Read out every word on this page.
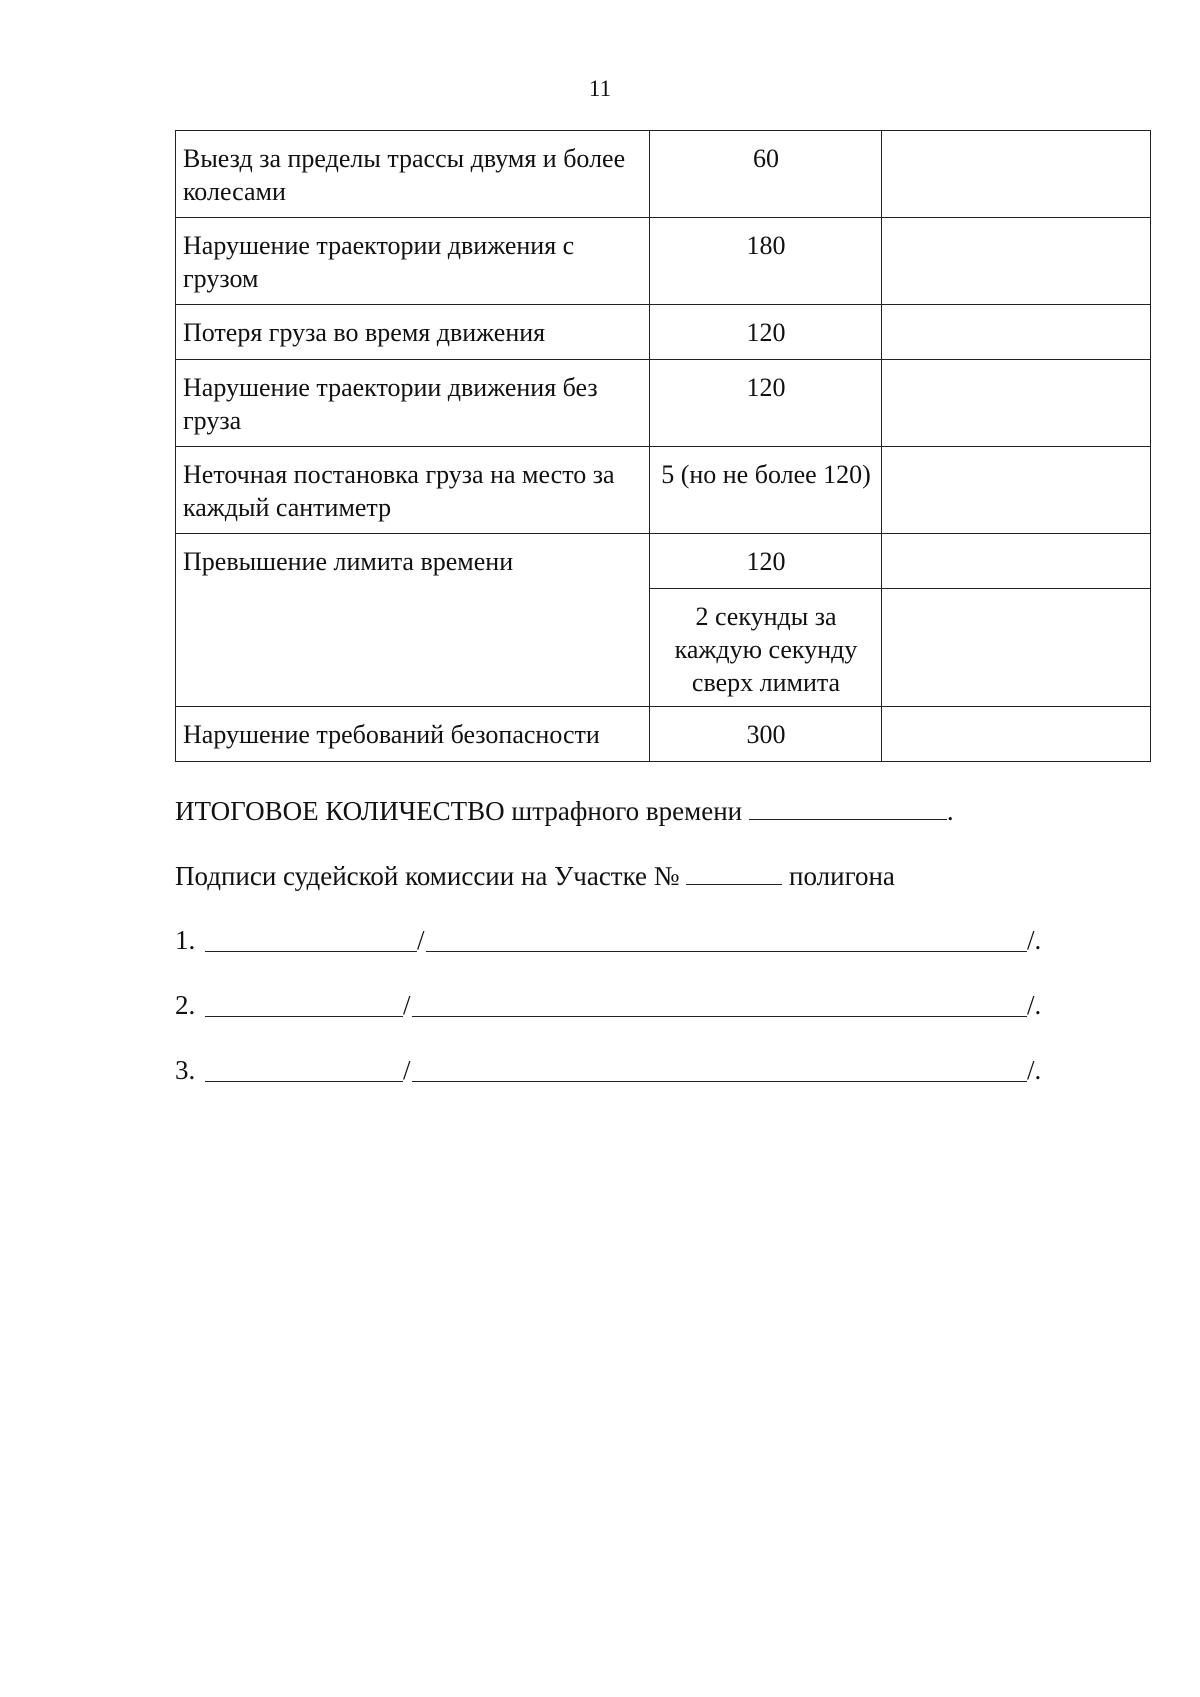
11
Выезд за пределы трассы двумя и более колесами	60	
Нарушение траектории движения с грузом	180	
Потеря груза во время движения	120	
Нарушение траектории движения без груза	120	
Неточная постановка груза на место за каждый сантиметр	5 (но не более 120)	
Превышение лимита времени	120	
	2 секунды за каждую секунду сверх лимита	
Нарушение требований безопасности	300	
ИТОГОВОЕ КОЛИЧЕСТВО штрафного времени	.
Подписи судейской комиссии на Участке №	полигона
1.	/	/.
2.	/	/.
3.	/	/.
